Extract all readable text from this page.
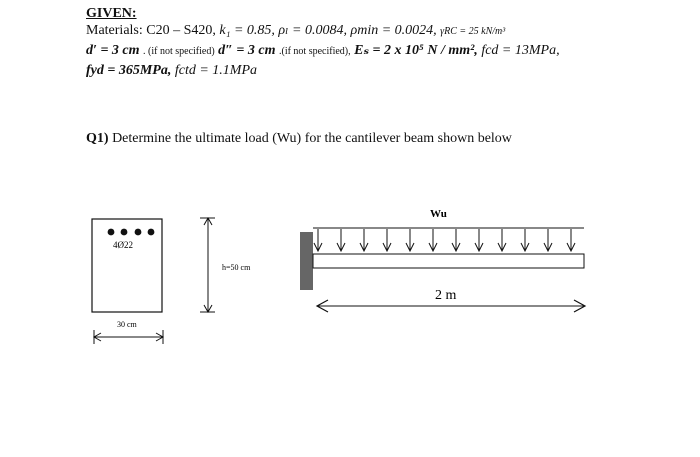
GIVEN:
Materials: C20 – S420, k₁ = 0.85, ρₗ = 0.0084, ρmin = 0.0024, γRC = 25 kN/m³
d′ = 3 cm . (if not specified) d″ = 3 cm .(if not specified), Eₛ = 2 x 10⁵ N / mm², fcd = 13MPa,
fyd = 365MPa, fctd = 1.1MPa
Q1) Determine the ultimate load (Wu) for the cantilever beam shown below
4Ø22
h=50 cm
30 cm
Wu
2 m
